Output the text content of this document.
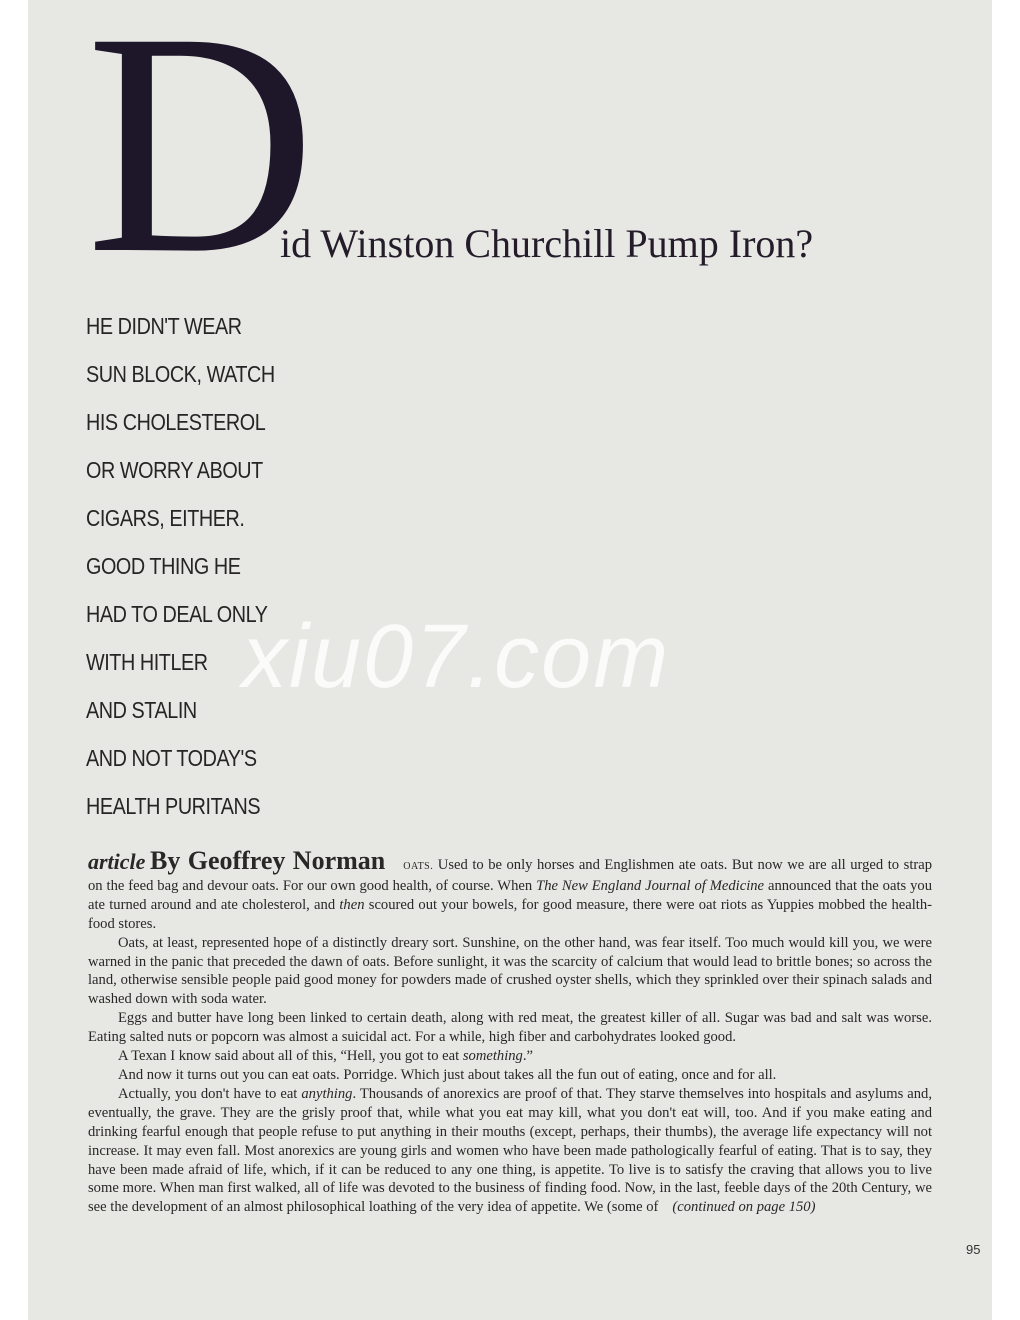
D
id Winston Churchill Pump Iron?
HE DIDN'T WEAR
SUN BLOCK, WATCH
HIS CHOLESTEROL
OR WORRY ABOUT
CIGARS, EITHER.
GOOD THING HE
HAD TO DEAL ONLY
WITH HITLER
AND STALIN
AND NOT TODAY'S
HEALTH PURITANS
xiu07.com

article By Geoffrey Norman OATS. Used to be only horses and Englishmen ate oats. But now we are all urged to strap on the feed bag and devour oats. For our own good health, of course. When The New England Journal of Medicine announced that the oats you ate turned around and ate cholesterol, and then scoured out your bowels, for good measure, there were oat riots as Yuppies mobbed the health-food stores.

Oats, at least, represented hope of a distinctly dreary sort. Sunshine, on the other hand, was fear itself. Too much would kill you, we were warned in the panic that preceded the dawn of oats. Before sunlight, it was the scarcity of calcium that would lead to brittle bones; so across the land, otherwise sensible people paid good money for powders made of crushed oyster shells, which they sprinkled over their spinach salads and washed down with soda water.

Eggs and butter have long been linked to certain death, along with red meat, the greatest killer of all. Sugar was bad and salt was worse. Eating salted nuts or popcorn was almost a suicidal act. For a while, high fiber and carbohydrates looked good.

A Texan I know said about all of this, “Hell, you got to eat something.”

And now it turns out you can eat oats. Porridge. Which just about takes all the fun out of eating, once and for all.

Actually, you don't have to eat anything. Thousands of anorexics are proof of that. They starve themselves into hospitals and asylums and, eventually, the grave. They are the grisly proof that, while what you eat may kill, what you don't eat will, too. And if you make eating and drinking fearful enough that people refuse to put anything in their mouths (except, perhaps, their thumbs), the average life expectancy will not increase. It may even fall. Most anorexics are young girls and women who have been made pathologically fearful of eating. That is to say, they have been made afraid of life, which, if it can be reduced to any one thing, is appetite. To live is to satisfy the craving that allows you to live some more. When man first walked, all of life was devoted to the business of finding food. Now, in the last, feeble days of the 20th Century, we see the development of an almost philosophical loathing of the very idea of appetite. We (some of (continued on page 150)

95
